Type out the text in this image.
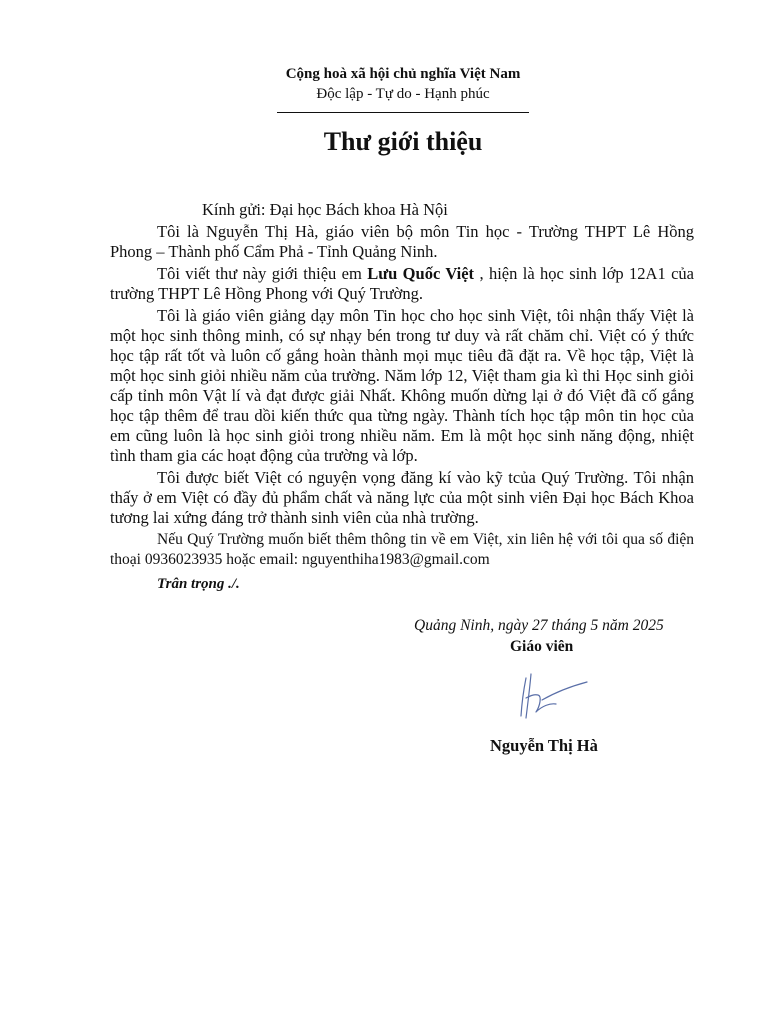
Cộng hoà xã hội chủ nghĩa Việt Nam
Độc lập - Tự do - Hạnh phúc
Thư giới thiệu
Kính gửi: Đại học Bách khoa Hà Nội

Tôi là Nguyễn Thị Hà, giáo viên bộ môn Tin học - Trường THPT Lê Hồng Phong – Thành phố Cẩm Phả - Tỉnh Quảng Ninh.

Tôi viết thư này giới thiệu em Lưu Quốc Việt , hiện là học sinh lớp 12A1 của trường THPT Lê Hồng Phong với Quý Trường.

Tôi là giáo viên giảng dạy môn Tin học cho học sinh Việt, tôi nhận thấy Việt là một học sinh thông minh, có sự nhạy bén trong tư duy và rất chăm chỉ. Việt có ý thức học tập rất tốt và luôn cố gắng hoàn thành mọi mục tiêu đã đặt ra. Về học tập, Việt là một học sinh giỏi nhiều năm của trường. Năm lớp 12, Việt tham gia kì thi Học sinh giỏi cấp tỉnh môn Vật lí và đạt được giải Nhất. Không muốn dừng lại ở đó Việt đã cố gắng học tập thêm để trau dồi kiến thức qua từng ngày. Thành tích học tập môn tin học của em cũng luôn là học sinh giỏi trong nhiều năm. Em là một học sinh năng động, nhiệt tình tham gia các hoạt động của trường và lớp.

Tôi được biết Việt có nguyện vọng đăng kí vào kỹ tcủa Quý Trường. Tôi nhận thấy ở em Việt có đầy đủ phẩm chất và năng lực của một sinh viên Đại học Bách Khoa tương lai xứng đáng trở thành sinh viên của nhà trường.

Nếu Quý Trường muốn biết thêm thông tin về em Việt, xin liên hệ với tôi qua số điện thoại 0936023935 hoặc email: nguyenthiha1983@gmail.com

Trân trọng ./.
Quảng Ninh, ngày 27 tháng 5 năm 2025
Giáo viên
Nguyễn Thị Hà
